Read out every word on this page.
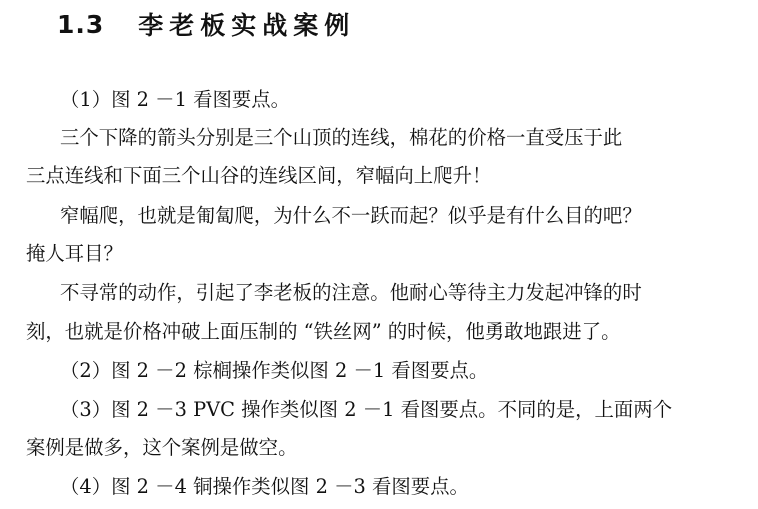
1.3 李老板实战案例
（1）图 2 －1 看图要点。
三个下降的箭头分别是三个山顶的连线，棉花的价格一直受压于此
三点连线和下面三个山谷的连线区间，窄幅向上爬升！
窄幅爬，也就是匍匐爬，为什么不一跃而起？似乎是有什么目的吧？
掩人耳目？
不寻常的动作，引起了李老板的注意。他耐心等待主力发起冲锋的时
刻，也就是价格冲破上面压制的 “铁丝网” 的时候，他勇敢地跟进了。
（2）图 2 －2 棕榈操作类似图 2 －1 看图要点。
（3）图 2 －3 PVC 操作类似图 2 －1 看图要点。不同的是，上面两个
案例是做多，这个案例是做空。
（4）图 2 －4 铜操作类似图 2 －3 看图要点。
